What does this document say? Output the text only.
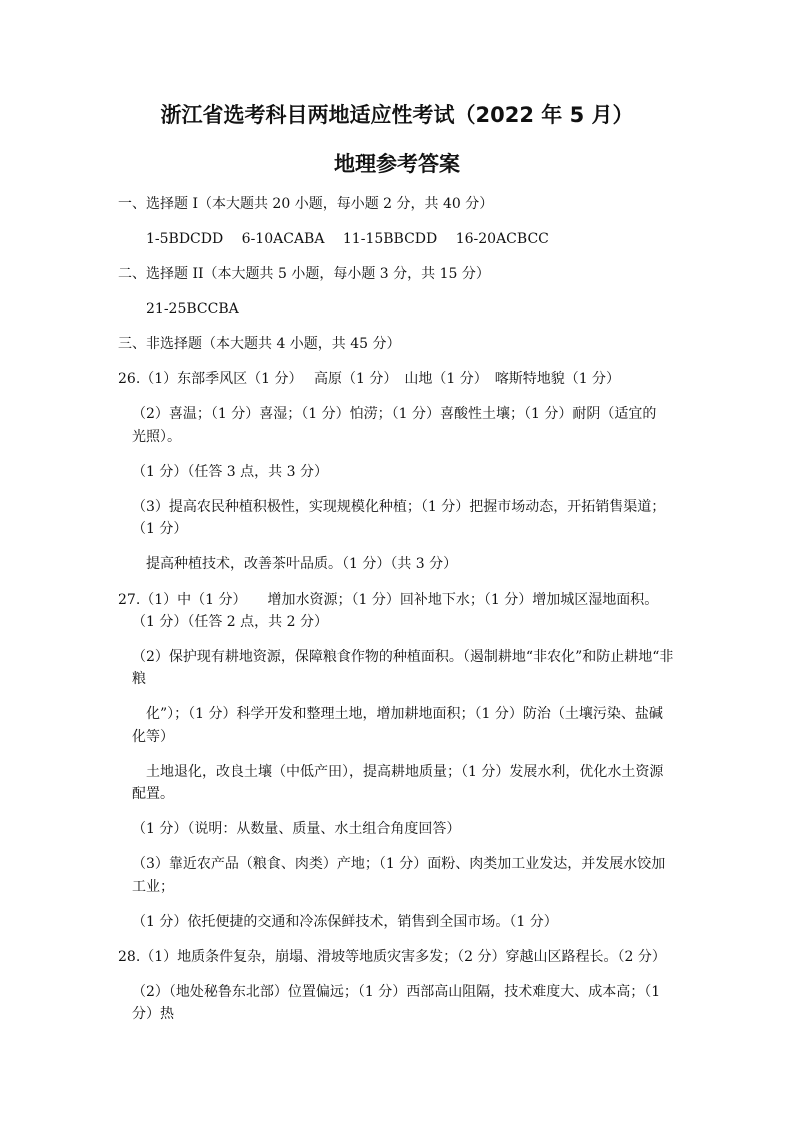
浙江省选考科目两地适应性考试（2022 年 5 月）
地理参考答案
一、选择题 I（本大题共 20 小题，每小题 2 分，共 40 分）
1-5BDCDD　 6-10ACABA　 11-15BBCDD　 16-20ACBCC
二、选择题 II（本大题共 5 小题，每小题 3 分，共 15 分）
21-25BCCBA
三、非选择题（本大题共 4 小题，共 45 分）
26.（1）东部季风区（1 分）　 高原（1 分）　山地（1 分）　喀斯特地貌（1 分）
（2）喜温；（1 分）喜湿；（1 分）怕涝；（1 分）喜酸性土壤；（1 分）耐阴（适宜的
光照）。
（1 分）（任答 3 点，共 3 分）
（3）提高农民种植积极性，实现规模化种植；（1 分）把握市场动态，开拓销售渠道；
（1 分）
提高种植技术，改善茶叶品质。（1 分）（共 3 分）
27.（1）中（1 分）　　增加水资源；（1 分）回补地下水；（1 分）增加城区湿地面积。
（1 分）（任答 2 点，共 2 分）
（2）保护现有耕地资源，保障粮食作物的种植面积。（遏制耕地“非农化”和防止耕地“非
粮
化”）；（1 分）科学开发和整理土地，增加耕地面积；（1 分）防治（土壤污染、盐碱
化等）
土地退化，改良土壤（中低产田），提高耕地质量；（1 分）发展水利，优化水土资源
配置。
（1 分）（说明：从数量、质量、水土组合角度回答）
（3）靠近农产品（粮食、肉类）产地；（1 分）面粉、肉类加工业发达，并发展水饺加
工业；
（1 分）依托便捷的交通和冷冻保鲜技术，销售到全国市场。（1 分）
28.（1）地质条件复杂，崩塌、滑坡等地质灾害多发；（2 分）穿越山区路程长。（2 分）
（2）（地处秘鲁东北部）位置偏远；（1 分）西部高山阻隔，技术难度大、成本高；（1
分）热
